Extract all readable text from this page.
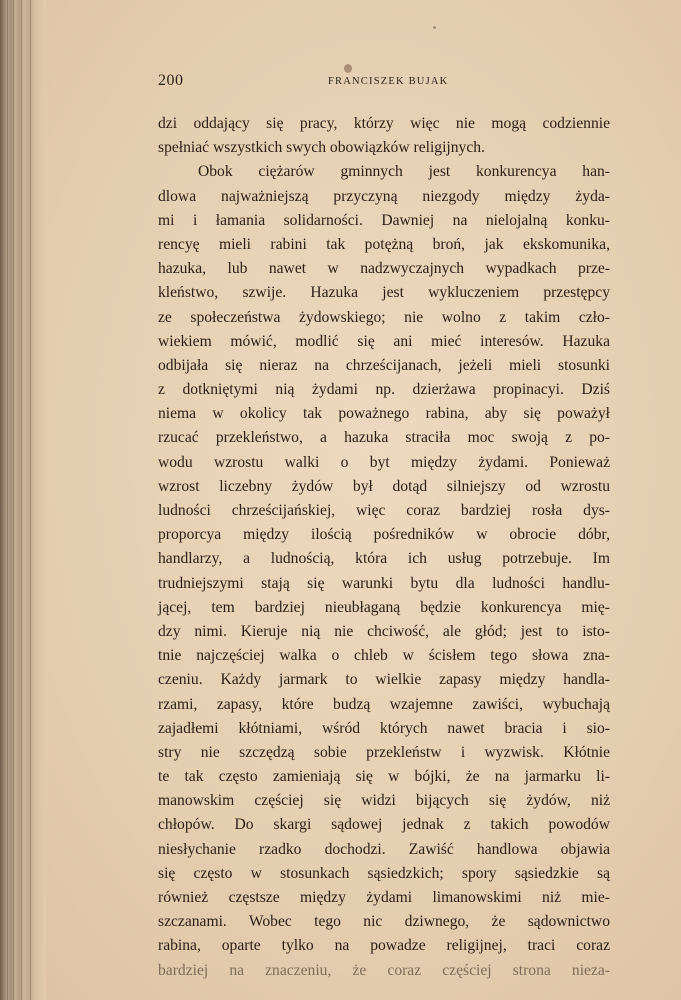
200	FRANCISZEK BUJAK
dzi oddający się pracy, którzy więc nie mogą codziennie
spełniać wszystkich swych obowiązków religijnych.
Obok ciężarów gminnych jest konkurencya han-
dlowa najważniejszą przyczyną niezgody między żyda-
mi i łamania solidarności. Dawniej na nielojalną konku-
rencyę mieli rabini tak potężną broń, jak ekskomunika,
hazuka, lub nawet w nadzwyczajnych wypadkach prze-
kleństwo, szwije. Hazuka jest wykluczeniem przestępcy
ze społeczeństwa żydowskiego; nie wolno z takim czło-
wiekiem mówić, modlić się ani mieć interesów. Hazuka
odbijała się nieraz na chrześcijanach, jeżeli mieli stosunki
z dotkniętymi nią żydami np. dzierżawa propinacyi. Dziś
niema w okolicy tak poważnego rabina, aby się poważył
rzucać przekleństwo, a hazuka straciła moc swoją z po-
wodu wzrostu walki o byt między żydami. Ponieważ
wzrost liczebny żydów był dotąd silniejszy od wzrostu
ludności chrześcijańskiej, więc coraz bardziej rosła dys-
proporcya między ilością pośredników w obrocie dóbr,
handlarzy, a ludnością, która ich usług potrzebuje. Im
trudniejszymi stają się warunki bytu dla ludności handlu-
jącej, tem bardziej nieubłaganą będzie konkurencya mię-
dzy nimi. Kieruje nią nie chciwość, ale głód; jest to isto-
tnie najczęściej walka o chleb w ścisłem tego słowa zna-
czeniu. Każdy jarmark to wielkie zapasy między handla-
rzami, zapasy, które budzą wzajemne zawiści, wybuchają
zajadłemi kłótniami, wśród których nawet bracia i sio-
stry nie szczędzą sobie przekleństw i wyzwisk. Kłótnie
te tak często zamieniają się w bójki, że na jarmarku li-
manowskim częściej się widzi bijących się żydów, niż
chłopów. Do skargi sądowej jednak z takich powodów
niesłychanie rzadko dochodzi. Zawiść handlowa objawia
się często w stosunkach sąsiedzkich; spory sąsiedzkie są
również częstsze między żydami limanowskimi niż mie-
szczanami. Wobec tego nic dziwnego, że sądownictwo
rabina, oparte tylko na powadze religijnej, traci coraz
bardziej na znaczeniu, że coraz częściej strona nieza-
